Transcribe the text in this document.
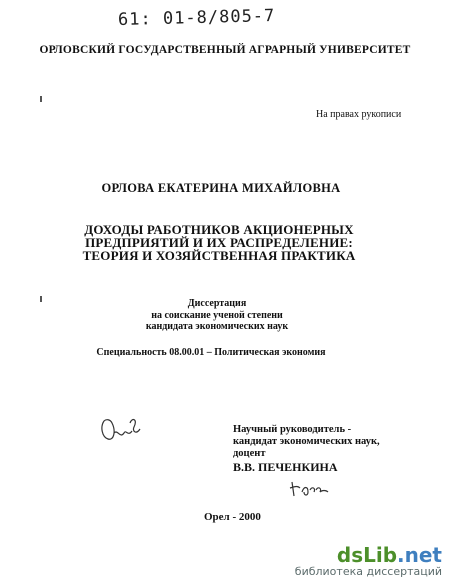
61: 01-8/805-7
ОРЛОВСКИЙ ГОСУДАРСТВЕННЫЙ АГРАРНЫЙ УНИВЕРСИТЕТ
На правах рукописи
ОРЛОВА ЕКАТЕРИНА МИХАЙЛОВНА
ДОХОДЫ РАБОТНИКОВ АКЦИОНЕРНЫХ
ПРЕДПРИЯТИЙ И ИХ РАСПРЕДЕЛЕНИЕ:
ТЕОРИЯ И ХОЗЯЙСТВЕННАЯ ПРАКТИКА
Диссертация
на соискание ученой степени
кандидата экономических наук
Специальность 08.00.01 – Политическая экономия
Научный руководитель -
кандидат экономических наук,
доцент
В.В. ПЕЧЕНКИНА
Орел - 2000
dsLib.net
библиотека диссертаций
